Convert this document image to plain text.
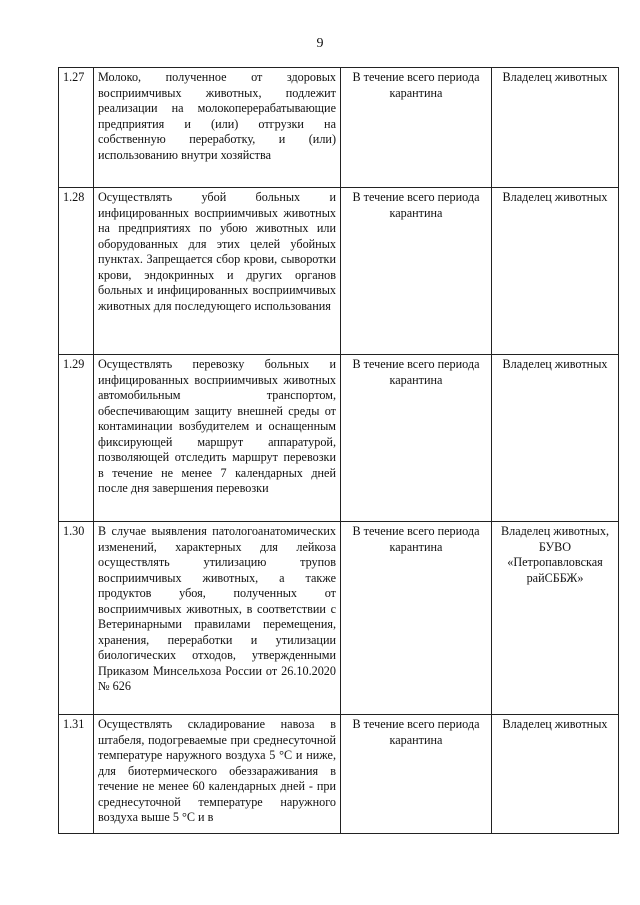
9
1.27	Молоко, полученное от здоровых восприимчивых животных, подлежит реализации на молокоперерабатывающие предприятия и (или) отгрузки на собственную переработку, и (или) использованию внутри хозяйства	В течение всего периода карантина	Владелец животных
1.28	Осуществлять убой больных и инфицированных восприимчивых животных на предприятиях по убою животных или оборудованных для этих целей убойных пунктах. Запрещается сбор крови, сыворотки крови, эндокринных и других органов больных и инфицированных восприимчивых животных для последующего использования	В течение всего периода карантина	Владелец животных
1.29	Осуществлять перевозку больных и инфицированных восприимчивых животных автомобильным транспортом, обеспечивающим защиту внешней среды от контаминации возбудителем и оснащенным фиксирующей маршрут аппаратурой, позволяющей отследить маршрут перевозки в течение не менее 7 календарных дней после дня завершения перевозки	В течение всего периода карантина	Владелец животных
1.30	В случае выявления патологоанатомических изменений, характерных для лейкоза осуществлять утилизацию трупов восприимчивых животных, а также продуктов убоя, полученных от восприимчивых животных, в соответствии с Ветеринарными правилами перемещения, хранения, переработки и утилизации биологических отходов, утвержденными Приказом Минсельхоза России от 26.10.2020 № 626	В течение всего периода карантина	Владелец животных, БУВО «Петропавловская райСББЖ»
1.31	Осуществлять складирование навоза в штабеля, подогреваемые при среднесуточной температуре наружного воздуха 5 °С и ниже, для биотермического обеззараживания в течение не менее 60 календарных дней - при среднесуточной температуре наружного воздуха выше 5 °С и в	В течение всего периода карантина	Владелец животных
